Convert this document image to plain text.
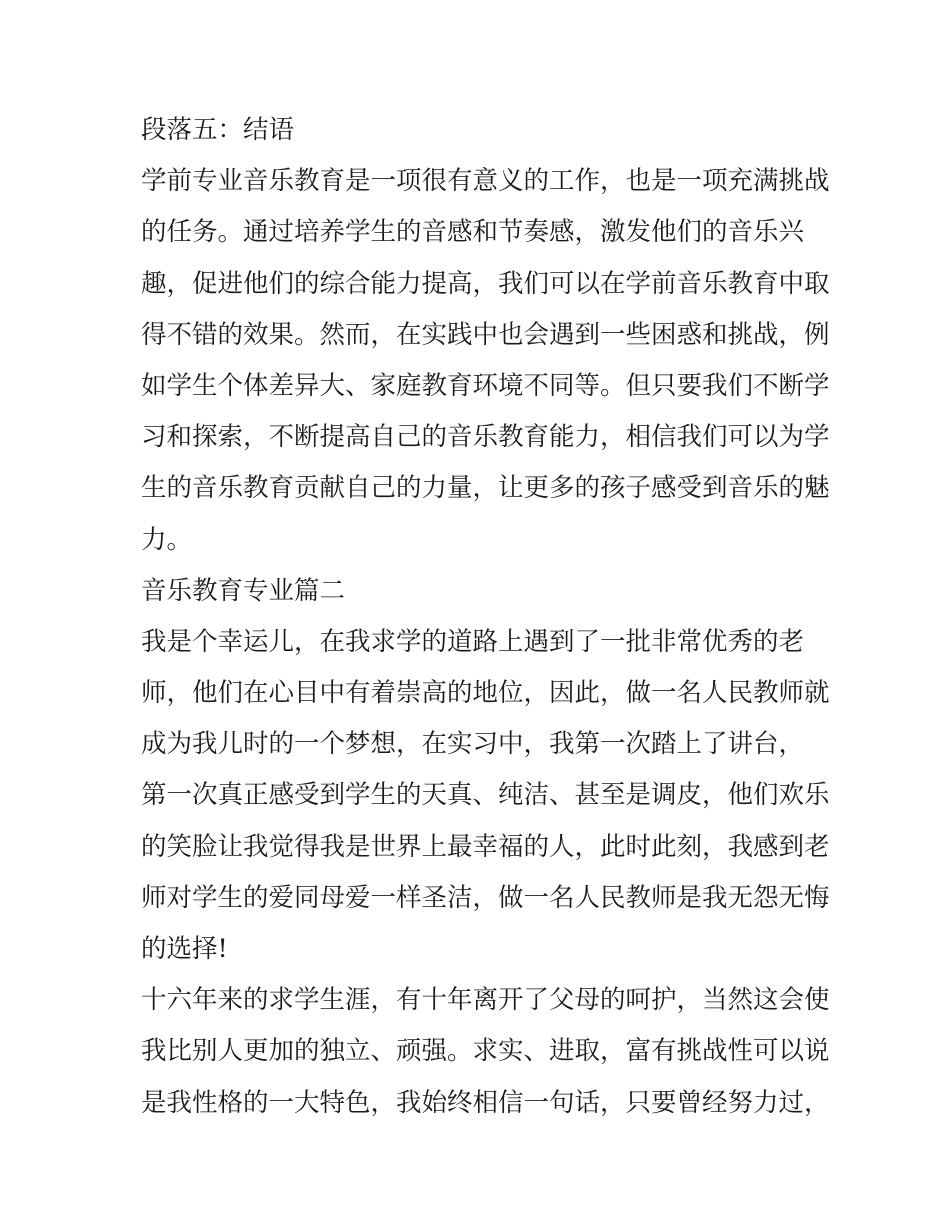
段落五：结语
学前专业音乐教育是一项很有意义的工作，也是一项充满挑战
的任务。通过培养学生的音感和节奏感，激发他们的音乐兴
趣，促进他们的综合能力提高，我们可以在学前音乐教育中取
得不错的效果。然而，在实践中也会遇到一些困惑和挑战，例
如学生个体差异大、家庭教育环境不同等。但只要我们不断学
习和探索，不断提高自己的音乐教育能力，相信我们可以为学
生的音乐教育贡献自己的力量，让更多的孩子感受到音乐的魅
力。
音乐教育专业篇二
我是个幸运儿，在我求学的道路上遇到了一批非常优秀的老
师，他们在心目中有着崇高的地位，因此，做一名人民教师就
成为我儿时的一个梦想，在实习中，我第一次踏上了讲台，
第一次真正感受到学生的天真、纯洁、甚至是调皮，他们欢乐
的笑脸让我觉得我是世界上最幸福的人，此时此刻，我感到老
师对学生的爱同母爱一样圣洁，做一名人民教师是我无怨无悔
的选择!
十六年来的求学生涯，有十年离开了父母的呵护，当然这会使
我比别人更加的独立、顽强。求实、进取，富有挑战性可以说
是我性格的一大特色，我始终相信一句话，只要曾经努力过，
